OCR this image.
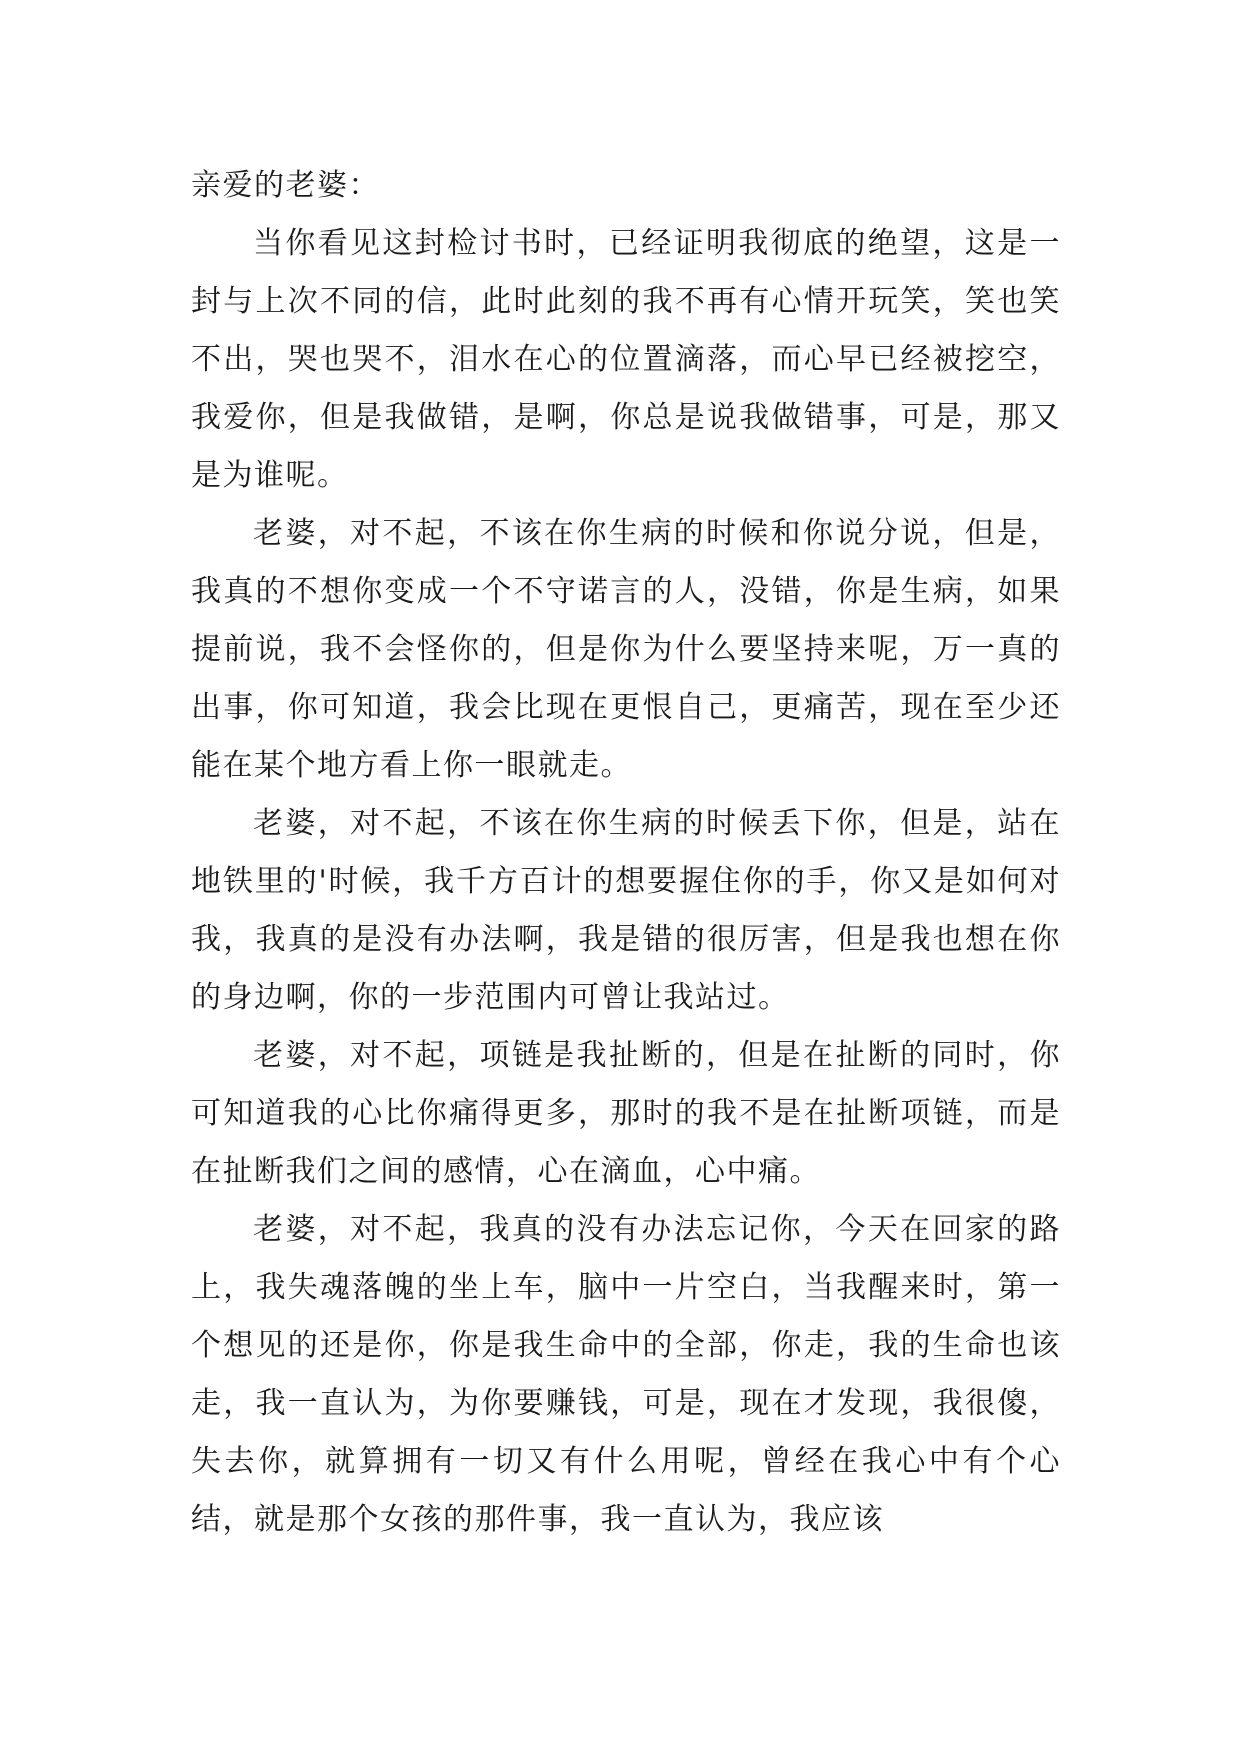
亲爱的老婆：

当你看见这封检讨书时，已经证明我彻底的绝望，这是一封与上次不同的信，此时此刻的我不再有心情开玩笑，笑也笑不出，哭也哭不，泪水在心的位置滴落，而心早已经被挖空，我爱你，但是我做错，是啊，你总是说我做错事，可是，那又是为谁呢。

老婆，对不起，不该在你生病的时候和你说分说，但是，我真的不想你变成一个不守诺言的人，没错，你是生病，如果提前说，我不会怪你的，但是你为什么要坚持来呢，万一真的出事，你可知道，我会比现在更恨自己，更痛苦，现在至少还能在某个地方看上你一眼就走。

老婆，对不起，不该在你生病的时候丢下你，但是，站在地铁里的'时候，我千方百计的想要握住你的手，你又是如何对我，我真的是没有办法啊，我是错的很厉害，但是我也想在你的身边啊，你的一步范围内可曾让我站过。

老婆，对不起，项链是我扯断的，但是在扯断的同时，你可知道我的心比你痛得更多，那时的我不是在扯断项链，而是在扯断我们之间的感情，心在滴血，心中痛。

老婆，对不起，我真的没有办法忘记你，今天在回家的路上，我失魂落魄的坐上车，脑中一片空白，当我醒来时，第一个想见的还是你，你是我生命中的全部，你走，我的生命也该走，我一直认为，为你要赚钱，可是，现在才发现，我很傻，失去你，就算拥有一切又有什么用呢，曾经在我心中有个心结，就是那个女孩的那件事，我一直认为，我应该
